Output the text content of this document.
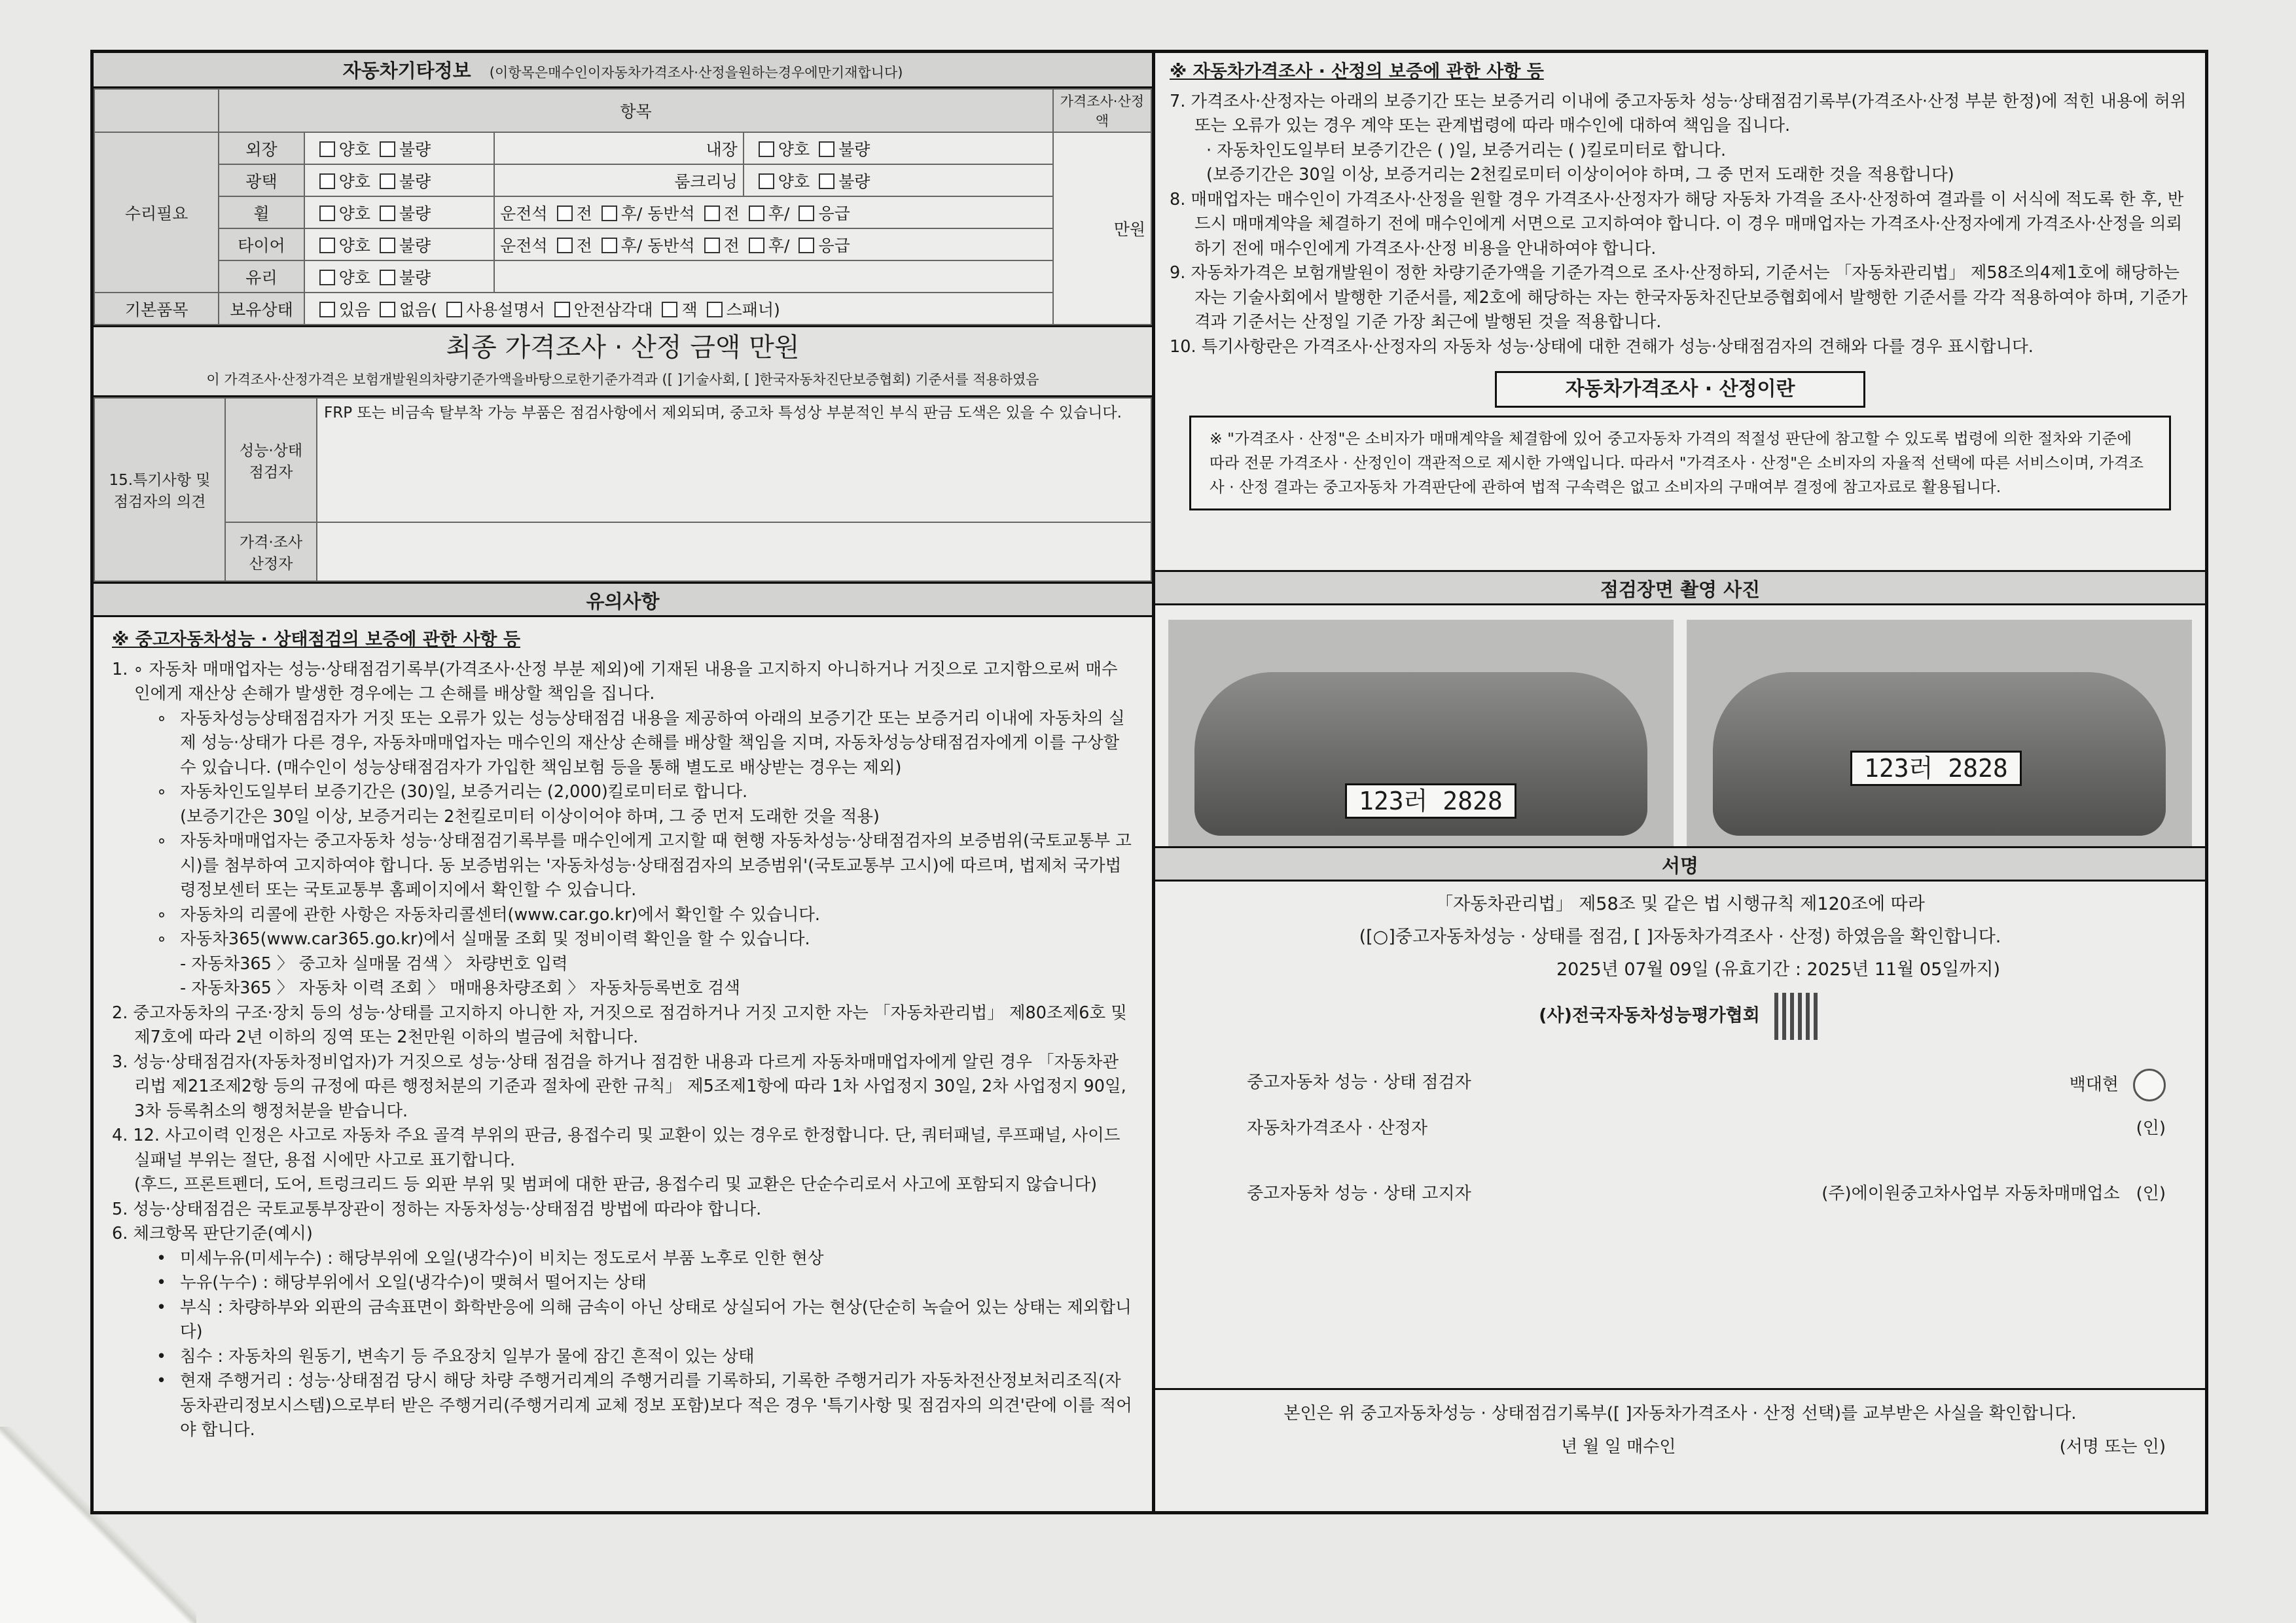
자동차기타정보 (이항목은매수인이자동차가격조사·산정을원하는경우에만기재합니다)
	항목				가격조사·산정액
수리필요	외장	양호 불량	내장	양호 불량	만원
	광택	양호 불량	룸크리닝	양호 불량	
	휠	양호 불량	운전석 전 후/ 동반석 전 후/ 응급		
	타이어	양호 불량	운전석 전 후/ 동반석 전 후/ 응급		
	유리	양호 불량			
기본품목	보유상태	있음 없음( 사용설명서 안전삼각대 잭 스패너)			
최종 가격조사 · 산정 금액 만원
이 가격조사·산정가격은 보험개발원의차량기준가액을바탕으로한기준가격과 ([ ]기술사회, [ ]한국자동차진단보증협회) 기준서를 적용하였음
15.특기사항 및 점검자의 의견	성능·상태 점검자	FRP 또는 비금속 탈부착 가능 부품은 점검사항에서 제외되며, 중고차 특성상 부분적인 부식 판금 도색은 있을 수 있습니다.
	가격·조사 산정자	
유의사항
※ 중고자동차성능 · 상태점검의 보증에 관한 사항 등
1. ∘ 자동차 매매업자는 성능·상태점검기록부(가격조사·산정 부분 제외)에 기재된 내용을 고지하지 아니하거나 거짓으로 고지함으로써 매수인에게 재산상 손해가 발생한 경우에는 그 손해를 배상할 책임을 집니다.
∘ 자동차성능상태점검자가 거짓 또는 오류가 있는 성능상태점검 내용을 제공하여 아래의 보증기간 또는 보증거리 이내에 자동차의 실제 성능·상태가 다른 경우, 자동차매매업자는 매수인의 재산상 손해를 배상할 책임을 지며, 자동차성능상태점검자에게 이를 구상할 수 있습니다. (매수인이 성능상태점검자가 가입한 책임보험 등을 통해 별도로 배상받는 경우는 제외)
∘ 자동차인도일부터 보증기간은 (30)일, 보증거리는 (2,000)킬로미터로 합니다.
(보증기간은 30일 이상, 보증거리는 2천킬로미터 이상이어야 하며, 그 중 먼저 도래한 것을 적용)
∘ 자동차매매업자는 중고자동차 성능·상태점검기록부를 매수인에게 고지할 때 현행 자동차성능·상태점검자의 보증범위(국토교통부 고시)를 첨부하여 고지하여야 합니다. 동 보증범위는 '자동차성능·상태점검자의 보증범위'(국토교통부 고시)에 따르며, 법제처 국가법령정보센터 또는 국토교통부 홈페이지에서 확인할 수 있습니다.
∘ 자동차의 리콜에 관한 사항은 자동차리콜센터(www.car.go.kr)에서 확인할 수 있습니다.
∘ 자동차365(www.car365.go.kr)에서 실매물 조회 및 정비이력 확인을 할 수 있습니다.
- 자동차365 〉 중고차 실매물 검색 〉 차량번호 입력
- 자동차365 〉 자동차 이력 조회 〉 매매용차량조회 〉 자동차등록번호 검색
2. 중고자동차의 구조·장치 등의 성능·상태를 고지하지 아니한 자, 거짓으로 점검하거나 거짓 고지한 자는 「자동차관리법」 제80조제6호 및 제7호에 따라 2년 이하의 징역 또는 2천만원 이하의 벌금에 처합니다.
3. 성능·상태점검자(자동차정비업자)가 거짓으로 성능·상태 점검을 하거나 점검한 내용과 다르게 자동차매매업자에게 알린 경우 「자동차관리법 제21조제2항 등의 규정에 따른 행정처분의 기준과 절차에 관한 규칙」 제5조제1항에 따라 1차 사업정지 30일, 2차 사업정지 90일, 3차 등록취소의 행정처분을 받습니다.
4. 12. 사고이력 인정은 사고로 자동차 주요 골격 부위의 판금, 용접수리 및 교환이 있는 경우로 한정합니다. 단, 쿼터패널, 루프패널, 사이드실패널 부위는 절단, 용접 시에만 사고로 표기합니다.
(후드, 프론트펜더, 도어, 트렁크리드 등 외판 부위 및 범퍼에 대한 판금, 용접수리 및 교환은 단순수리로서 사고에 포함되지 않습니다)
5. 성능·상태점검은 국토교통부장관이 정하는 자동차성능·상태점검 방법에 따라야 합니다.
6. 체크항목 판단기준(예시)
• 미세누유(미세누수) : 해당부위에 오일(냉각수)이 비치는 정도로서 부품 노후로 인한 현상
• 누유(누수) : 해당부위에서 오일(냉각수)이 맺혀서 떨어지는 상태
• 부식 : 차량하부와 외판의 금속표면이 화학반응에 의해 금속이 아닌 상태로 상실되어 가는 현상(단순히 녹슬어 있는 상태는 제외합니다)
• 침수 : 자동차의 원동기, 변속기 등 주요장치 일부가 물에 잠긴 흔적이 있는 상태
• 현재 주행거리 : 성능·상태점검 당시 해당 차량 주행거리계의 주행거리를 기록하되, 기록한 주행거리가 자동차전산정보처리조직(자동차관리정보시스템)으로부터 받은 주행거리(주행거리계 교체 정보 포함)보다 적은 경우 '특기사항 및 점검자의 의견'란에 이를 적어야 합니다.
※ 자동차가격조사 · 산정의 보증에 관한 사항 등
7. 가격조사·산정자는 아래의 보증기간 또는 보증거리 이내에 중고자동차 성능·상태점검기록부(가격조사·산정 부분 한정)에 적힌 내용에 허위 또는 오류가 있는 경우 계약 또는 관계법령에 따라 매수인에 대하여 책임을 집니다.
· 자동차인도일부터 보증기간은 ( )일, 보증거리는 ( )킬로미터로 합니다.
(보증기간은 30일 이상, 보증거리는 2천킬로미터 이상이어야 하며, 그 중 먼저 도래한 것을 적용합니다)
8. 매매업자는 매수인이 가격조사·산정을 원할 경우 가격조사·산정자가 해당 자동차 가격을 조사·산정하여 결과를 이 서식에 적도록 한 후, 반드시 매매계약을 체결하기 전에 매수인에게 서면으로 고지하여야 합니다. 이 경우 매매업자는 가격조사·산정자에게 가격조사·산정을 의뢰하기 전에 매수인에게 가격조사·산정 비용을 안내하여야 합니다.
9. 자동차가격은 보험개발원이 정한 차량기준가액을 기준가격으로 조사·산정하되, 기준서는 「자동차관리법」 제58조의4제1호에 해당하는 자는 기술사회에서 발행한 기준서를, 제2호에 해당하는 자는 한국자동차진단보증협회에서 발행한 기준서를 각각 적용하여야 하며, 기준가격과 기준서는 산정일 기준 가장 최근에 발행된 것을 적용합니다.
10. 특기사항란은 가격조사·산정자의 자동차 성능·상태에 대한 견해가 성능·상태점검자의 견해와 다를 경우 표시합니다.
자동차가격조사 · 산정이란
※ "가격조사 · 산정"은 소비자가 매매계약을 체결함에 있어 중고자동차 가격의 적절성 판단에 참고할 수 있도록 법령에 의한 절차와 기준에 따라 전문 가격조사 · 산정인이 객관적으로 제시한 가액입니다. 따라서 "가격조사 · 산정"은 소비자의 자율적 선택에 따른 서비스이며, 가격조사 · 산정 결과는 중고자동차 가격판단에 관하여 법적 구속력은 없고 소비자의 구매여부 결정에 참고자료로 활용됩니다.
점검장면 촬영 사진
123러 2828
123러 2828
서명
「자동차관리법」 제58조 및 같은 법 시행규칙 제120조에 따라
([○]중고자동차성능 · 상태를 점검, [ ]자동차가격조사 · 산정) 하였음을 확인합니다.
2025년 07월 09일 (유효기간 : 2025년 11월 05일까지)
(사)전국자동차성능평가협회
중고자동차 성능 · 상태 점검자	백대현
자동차가격조사 · 산정자	(인)
중고자동차 성능 · 상태 고지자	(주)에이원중고차사업부 자동차매매업소 (인)
본인은 위 중고자동차성능 · 상태점검기록부([ ]자동차가격조사 · 산정 선택)를 교부받은 사실을 확인합니다.
년 월 일 매수인	(서명 또는 인)
